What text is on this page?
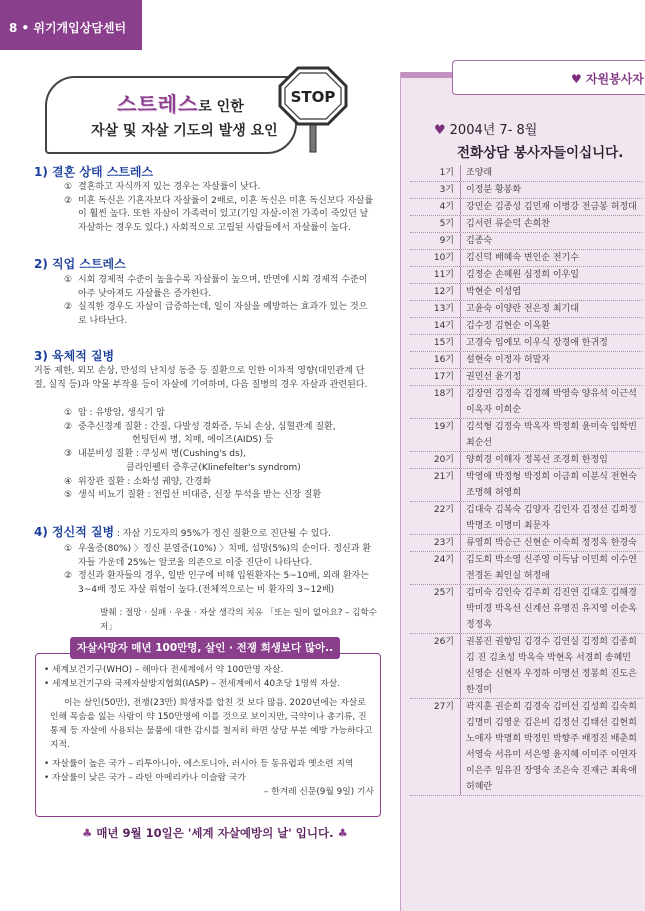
8 • 위기개입상담센터
스트레스로 인한
자살 및 자살 기도의 발생 요인
STOP
1) 결혼 상태 스트레스
① 결혼하고 자식까지 있는 경우는 자살률이 낮다.
② 미혼 독신은 기혼자보다 자살률이 2배로, 이혼 독신은 미혼 독신보다 자살률이 훨씬 높다. 또한 자살이 가족력이 있고(기일 자살-이전 가족이 죽었던 날 자살하는 경우도 있다.) 사회적으로 고립된 사람들에서 자살률이 높다.
2) 직업 스트레스
① 시회 경제적 수준이 높을수록 자살률이 높으며, 반면에 시회 경제적 수준이 아주 낮아져도 자살률은 증가한다.
② 실직한 경우도 자살이 급증하는데, 일이 자살을 예방하는 효과가 있는 것으로 나타난다.
3) 육체적 질병
거동 제한, 외모 손상, 만성의 난치성 동증 등 질환으로 인한 이차적 영향(대인관계 단절, 실직 등)과 약물 부작용 등이 자살에 기여하며, 다음 질병의 경우 자살과 관련된다.
① 암 : 유방암, 생식기 암
② 중추신경계 질환 : 간질, 다발성 경화증, 두뇌 손상, 심혈관계 질환,
헌팅턴씨 병, 치매, 에이즈(AIDS) 등
③ 내분비성 질환 : 쿠싱씨 병(Cushing's ds),
클라인펠터 증후군(Klinefelter's syndrom)
④ 위장관 질환 : 소화성 궤양, 간경화
⑤ 생식 비뇨기 질환 : 전립선 비대증, 신장 투석을 받는 신장 질환
4) 정신적 질병 : 자살 기도자의 95%가 정신 질환으로 진단될 수 있다.
① 우울증(80%) 〉정신 분열증(10%) 〉치매, 섬망(5%)의 순이다. 정신과 환자들 가운데 25%는 알코올 의존으로 이중 진단이 나타난다.
② 정신과 환자들의 경우, 일반 인구에 비해 입원환자는 5~10배, 외래 환자는 3~4배 정도 자살 위험이 높다.(전체적으로는 비 환자의 3~12배)
발췌 : 절망 · 실패 · 우울 · 자살 생각의 치유 「또는 일이 없어요? – 김학수 저」
자살사망자 매년 100만명, 살인 · 전쟁 희생보다 많아..

• 세계보건기구(WHO) – 해마다 전세계에서 약 100만명 자살.

• 세계보건기구와 국제자살방지협회(IASP) – 전세계에서 40초당 1명씩 자살.

이는 살인(50만), 전쟁(23만) 희생자를 합친 것 보다 많음. 2020년에는 자살로 인해 목숨을 잃는 사람이 약 150만명에 이를 것으로 보이지만, 극약이나 총기류, 진통제 등 자살에 사용되는 물품에 대한 감시를 철저히 하면 상당 부분 예방 가능하다고 지적.

• 자살률이 높은 국가 – 리투아니아, 에스토니아, 러시아 등 동유럽과 옛소련 지역

• 자살률이 낮은 국가 – 라틴 아메리카나 이슬람 국가

– 한겨레 신문(9월 9일) 기사

♣ 매년 9월 10일은 '세계 자살예방의 날' 입니다. ♣
♥ 자원봉사자
♥ 2004년 7- 8월
전화상담 봉사자들이십니다.
1기	조양래
3기	이정분 황봉화
4기	강민순 김종성 김민재 이병강 전금봉 허정대
5기	김서련 류순덕 손희찬
9기	김종숙
10기	김신덕 배혜숙 변인순 전기수
11기	김정순 손혜원 심정희 이우일
12기	박현순 이성엽
13기	고윤숙 이양란 전은정 최기대
14기	김수정 김현순 이옥환
15기	고경숙 임예모 이우식 장경애 한귀정
16기	설현숙 이정자 허말자
17기	권민선 윤기정
18기	김장연 김정숙 김정혜 박영숙 양유석 이근석 이옥자 이희순
19기	김석형 김정숙 박옥자 박정희 윤미숙 임학빈 최순선
20기	양희경 이해자 정복선 조경희 한정임
21기	박영애 박정형 박정희 이금희 이분식 전현숙 조명해 허영희
22기	김대숙 김복숙 김양자 김인자 김정선 김희정 박명조 이명미 최문자
23기	류영희 박승근 신현순 이숙희 정정옥 한경숙
24기	김도희 박소영 신주영 이득남 이민희 이수연 전경돈 최인실 허정애
25기	김미숙 김인숙 김주희 김진연 김대호 김해경 박미경 박옥선 신계선 유명진 유지영 이순옥 정정옥
26기	권봉진 권향임 김경수 김연실 김정희 김종희 김 진 김초성 박옥숙 박현옥 서경희 송혜민 신영순 신현자 우정하 이명선 정봉희 진도은 한경미
27기	곽지훈 권순희 김경숙 김미선 김성희 김숙희 김명미 김영운 김은비 김정선 김태선 김현희 노애자 박명희 박정인 박향주 배정진 배춘희 서영숙 서유미 서은영 윤지혜 이미주 이연자 이은주 임유진 장영숙 조은숙 진재근 최육애 허혜란
